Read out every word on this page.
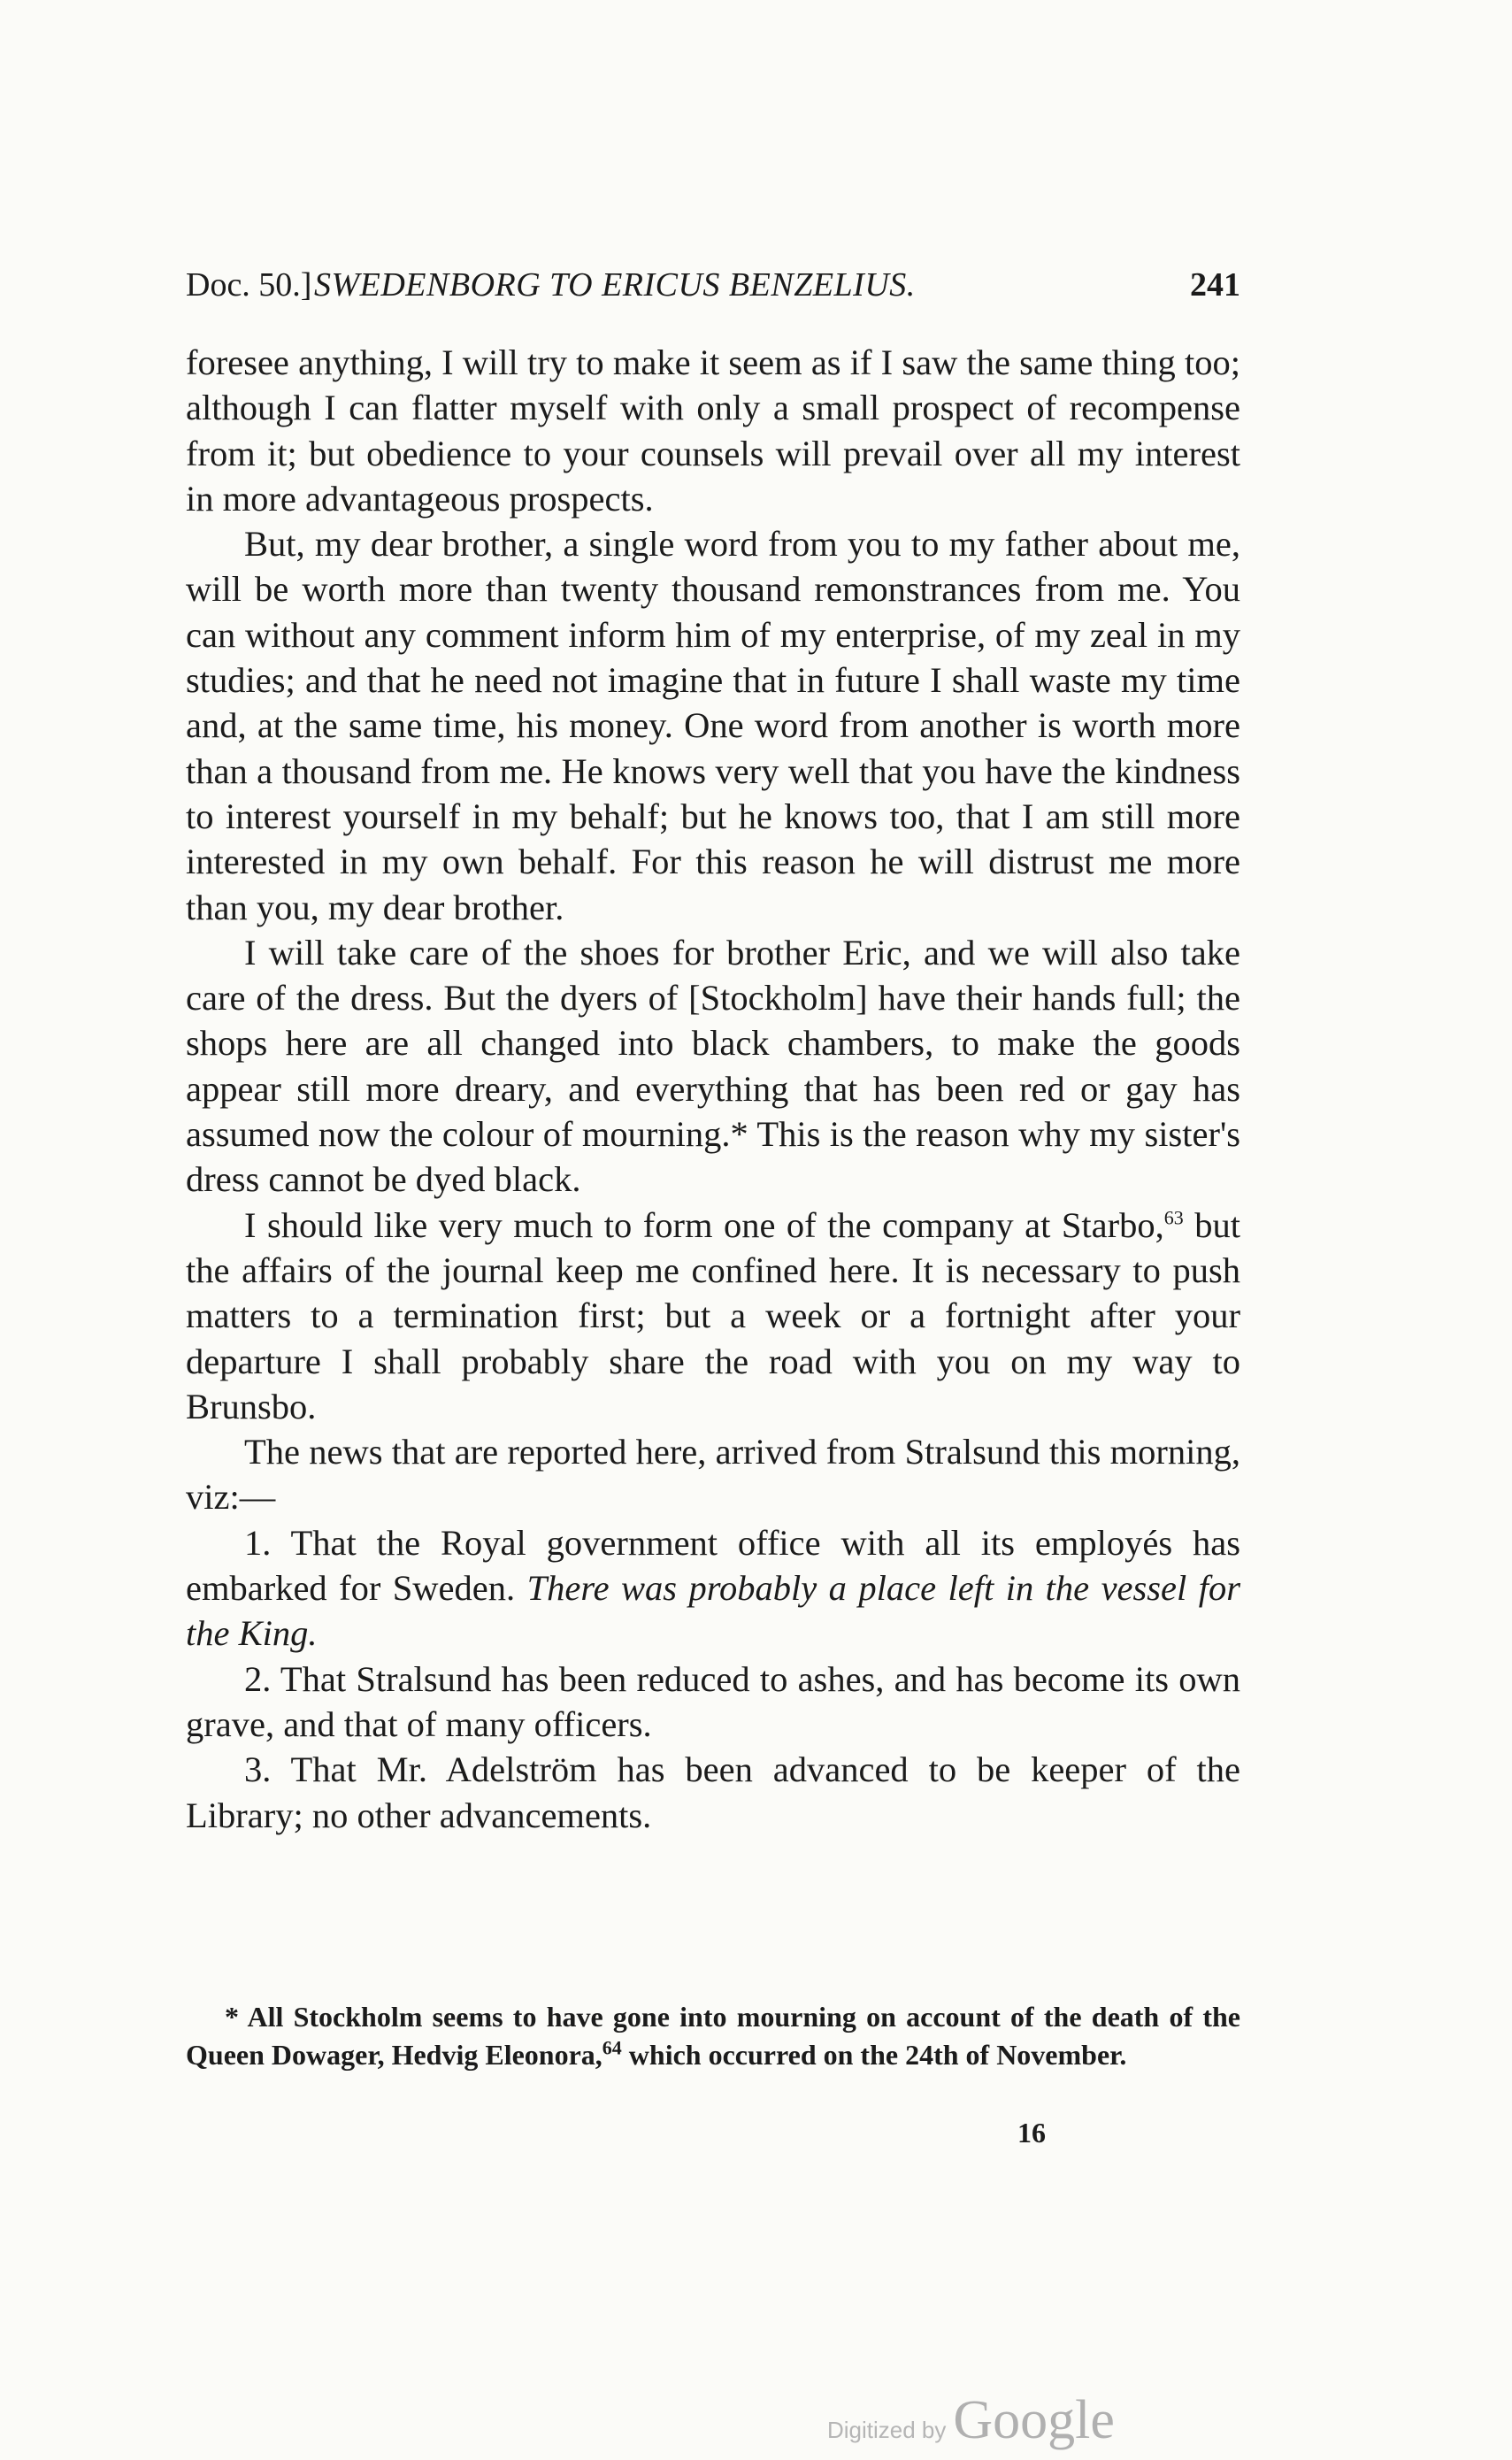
Doc. 50.] SWEDENBORG TO ERICUS BENZELIUS.	241

foresee anything, I will try to make it seem as if I saw the same thing too; although I can flatter myself with only a small prospect of recompense from it; but obedience to your counsels will prevail over all my interest in more advantageous prospects.

But, my dear brother, a single word from you to my father about me, will be worth more than twenty thousand remonstrances from me. You can without any comment inform him of my enterprise, of my zeal in my studies; and that he need not imagine that in future I shall waste my time and, at the same time, his money. One word from another is worth more than a thousand from me. He knows very well that you have the kindness to interest yourself in my behalf; but he knows too, that I am still more interested in my own behalf. For this reason he will distrust me more than you, my dear brother.

I will take care of the shoes for brother Eric, and we will also take care of the dress. But the dyers of [Stockholm] have their hands full; the shops here are all changed into black chambers, to make the goods appear still more dreary, and everything that has been red or gay has assumed now the colour of mourning.* This is the reason why my sister's dress cannot be dyed black.

I should like very much to form one of the company at Starbo,$^{63}$ but the affairs of the journal keep me confined here. It is necessary to push matters to a termination first; but a week or a fortnight after your departure I shall probably share the road with you on my way to Brunsbo.

The news that are reported here, arrived from Stralsund this morning, viz:—

1. That the Royal government office with all its employés has embarked for Sweden. There was probably a place left in the vessel for the King.

2. That Stralsund has been reduced to ashes, and has become its own grave, and that of many officers.

3. That Mr. Adelström has been advanced to be keeper of the Library; no other advancements.

* All Stockholm seems to have gone into mourning on account of the death of the Queen Dowager, Hedvig Eleonora,$^{64}$ which occurred on the 24th of November.

16
Digitized by Google
